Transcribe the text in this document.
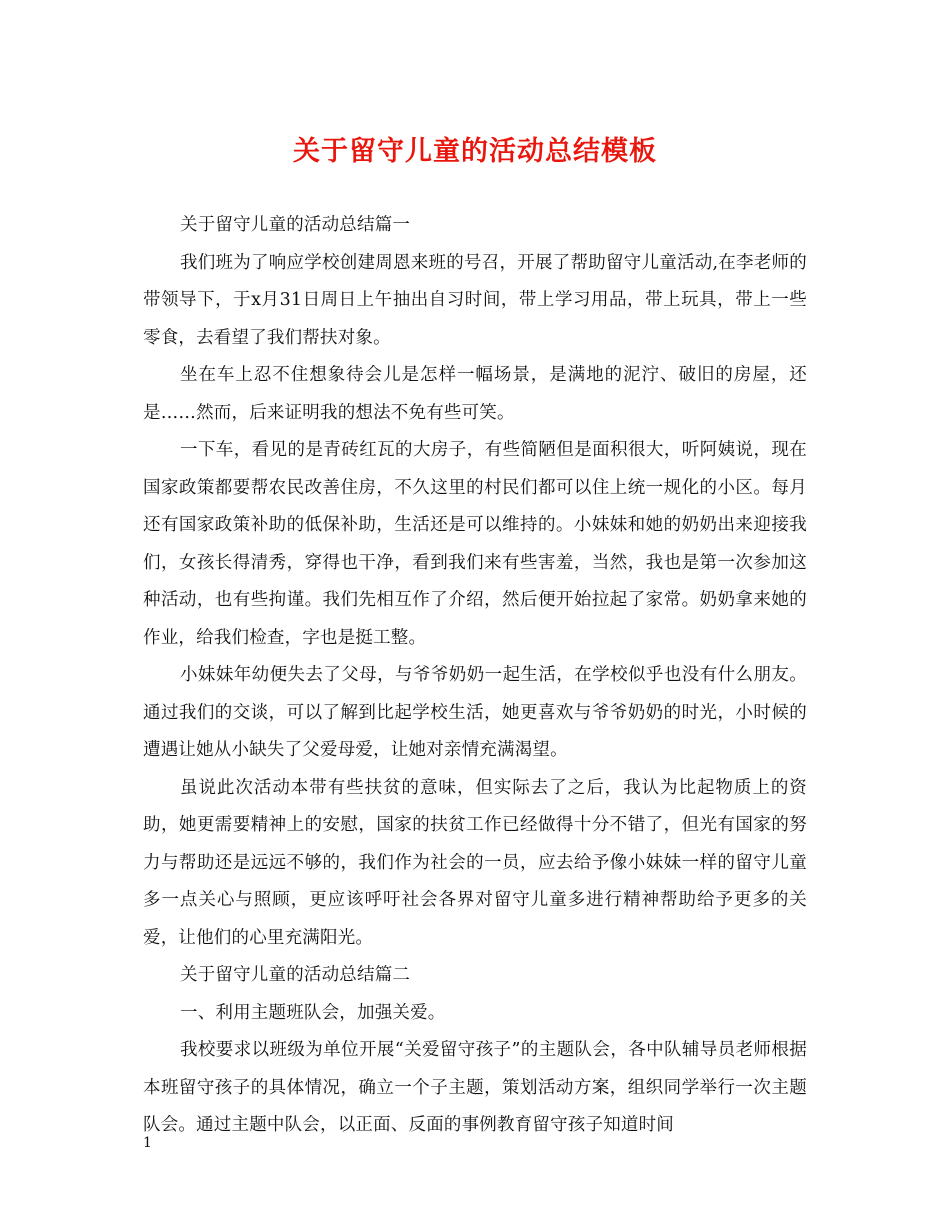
关于留守儿童的活动总结模板

关于留守儿童的活动总结篇一

我们班为了响应学校创建周恩来班的号召，开展了帮助留守儿童活动,在李老师的带领导下，于x月31日周日上午抽出自习时间，带上学习用品，带上玩具，带上一些零食，去看望了我们帮扶对象。

坐在车上忍不住想象待会儿是怎样一幅场景，是满地的泥泞、破旧的房屋，还是……然而，后来证明我的想法不免有些可笑。

一下车，看见的是青砖红瓦的大房子，有些简陋但是面积很大，听阿姨说，现在国家政策都要帮农民改善住房，不久这里的村民们都可以住上统一规化的小区。每月还有国家政策补助的低保补助，生活还是可以维持的。小妹妹和她的奶奶出来迎接我们，女孩长得清秀，穿得也干净，看到我们来有些害羞，当然，我也是第一次参加这种活动，也有些拘谨。我们先相互作了介绍，然后便开始拉起了家常。奶奶拿来她的作业，给我们检查，字也是挺工整。

小妹妹年幼便失去了父母，与爷爷奶奶一起生活，在学校似乎也没有什么朋友。通过我们的交谈，可以了解到比起学校生活，她更喜欢与爷爷奶奶的时光，小时候的遭遇让她从小缺失了父爱母爱，让她对亲情充满渴望。

虽说此次活动本带有些扶贫的意味，但实际去了之后，我认为比起物质上的资助，她更需要精神上的安慰，国家的扶贫工作已经做得十分不错了，但光有国家的努力与帮助还是远远不够的，我们作为社会的一员，应去给予像小妹妹一样的留守儿童多一点关心与照顾，更应该呼吁社会各界对留守儿童多进行精神帮助给予更多的关爱，让他们的心里充满阳光。

关于留守儿童的活动总结篇二

一、利用主题班队会，加强关爱。

我校要求以班级为单位开展“关爱留守孩子”的主题队会，各中队辅导员老师根据本班留守孩子的具体情况，确立一个子主题，策划活动方案，组织同学举行一次主题队会。通过主题中队会，以正面、反面的事例教育留守孩子知道时间

1
